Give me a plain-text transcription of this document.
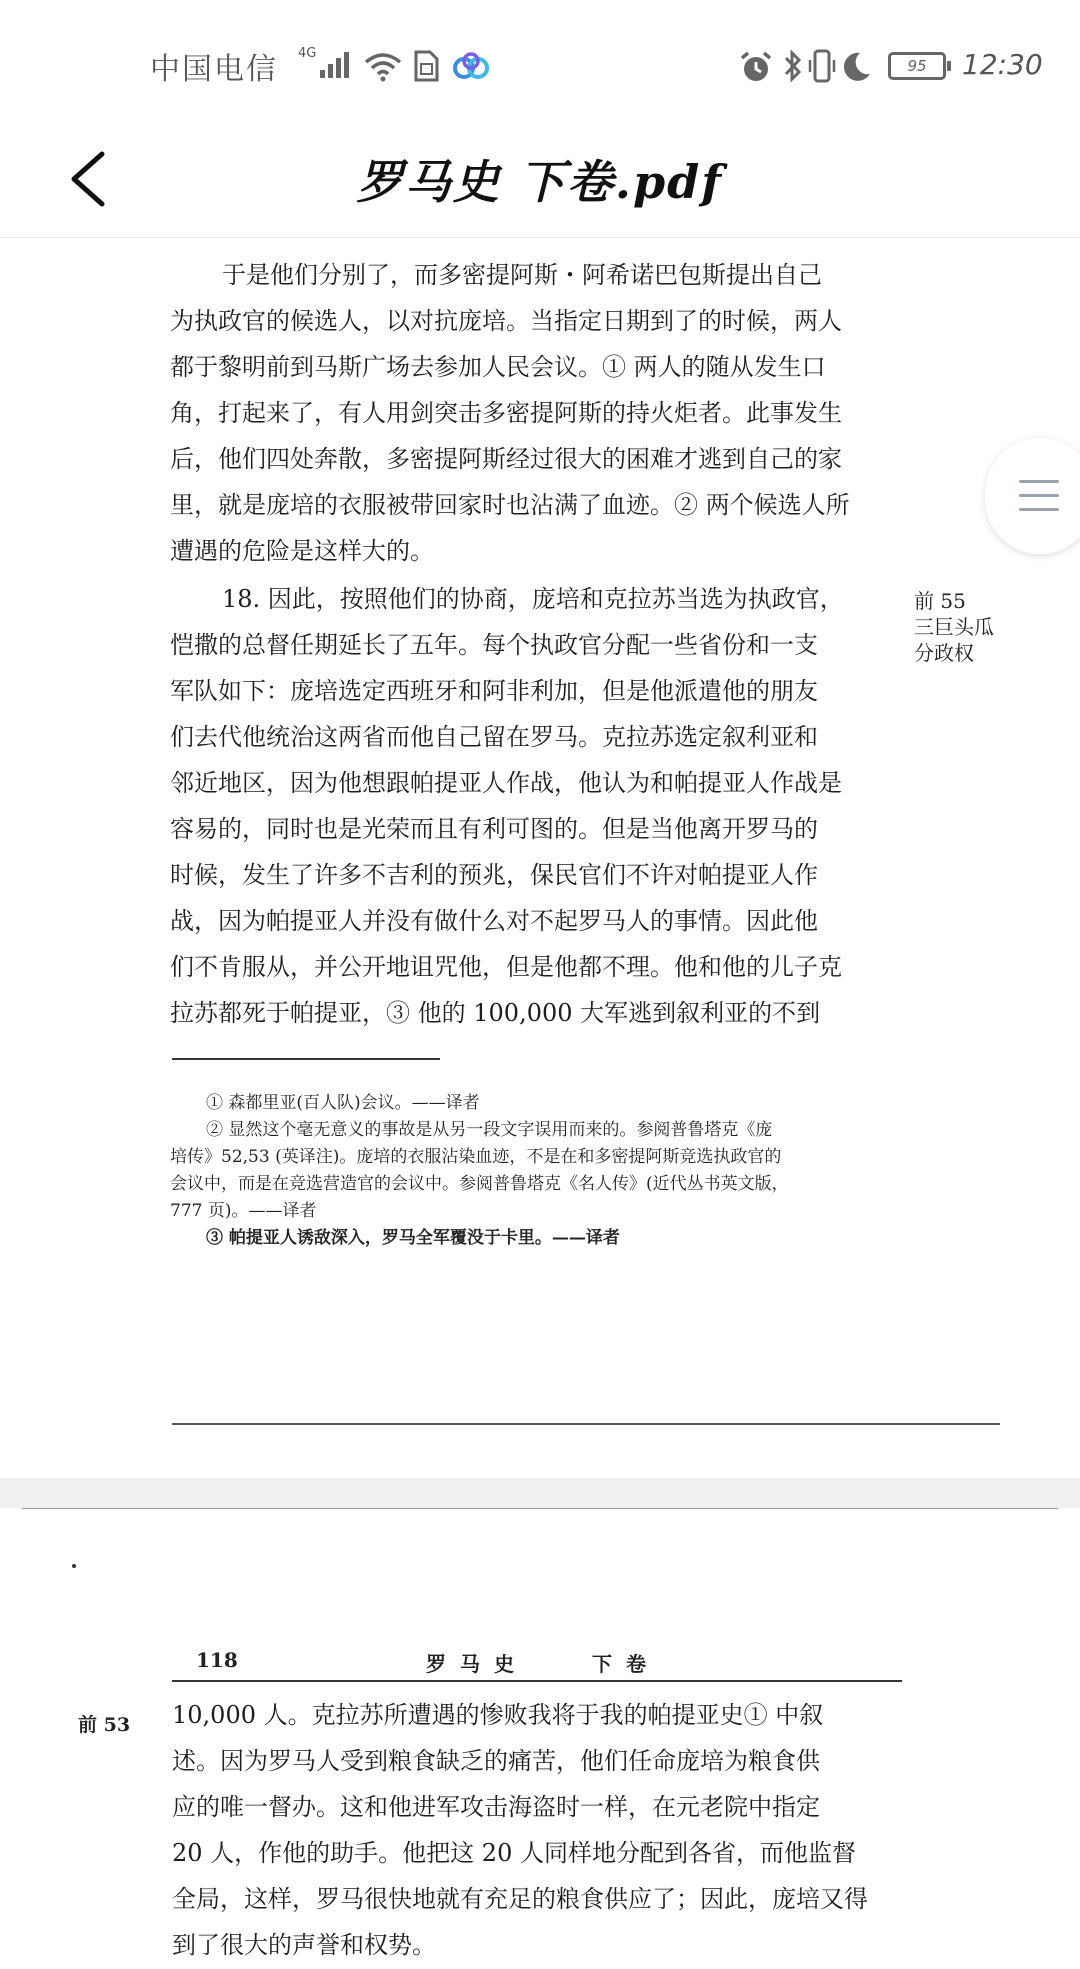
中国电信 4G
95	12:30
罗马史 下卷.pdf
于是他们分别了，而多密提阿斯・阿希诺巴包斯提出自己
为执政官的候选人，以对抗庞培。当指定日期到了的时候，两人
都于黎明前到马斯广场去参加人民会议。① 两人的随从发生口
角，打起来了，有人用剑突击多密提阿斯的持火炬者。此事发生
后，他们四处奔散，多密提阿斯经过很大的困难才逃到自己的家
里，就是庞培的衣服被带回家时也沾满了血迹。② 两个候选人所
遭遇的危险是这样大的。
18. 因此，按照他们的协商，庞培和克拉苏当选为执政官，
恺撒的总督任期延长了五年。每个执政官分配一些省份和一支
军队如下：庞培选定西班牙和阿非利加，但是他派遣他的朋友
们去代他统治这两省而他自己留在罗马。克拉苏选定叙利亚和
邻近地区，因为他想跟帕提亚人作战，他认为和帕提亚人作战是
容易的，同时也是光荣而且有利可图的。但是当他离开罗马的
时候，发生了许多不吉利的预兆，保民官们不许对帕提亚人作
战，因为帕提亚人并没有做什么对不起罗马人的事情。因此他
们不肯服从，并公开地诅咒他，但是他都不理。他和他的儿子克
拉苏都死于帕提亚，③ 他的 100,000 大军逃到叙利亚的不到
前 55
三巨头瓜
分政权
① 森都里亚(百人队)会议。——译者
② 显然这个毫无意义的事故是从另一段文字误用而来的。参阅普鲁塔克《庞
培传》52,53 (英译注)。庞培的衣服沾染血迹，不是在和多密提阿斯竞选执政官的
会议中，而是在竞选营造官的会议中。参阅普鲁塔克《名人传》(近代丛书英文版，
777 页)。——译者
③ 帕提亚人诱敌深入，罗马全军覆没于卡里。——译者
118	罗马史	下卷
前 53 10,000 人。克拉苏所遭遇的惨败我将于我的帕提亚史① 中叙
述。因为罗马人受到粮食缺乏的痛苦，他们任命庞培为粮食供
应的唯一督办。这和他进军攻击海盗时一样，在元老院中指定
20 人，作他的助手。他把这 20 人同样地分配到各省，而他监督
全局，这样，罗马很快地就有充足的粮食供应了；因此，庞培又得
到了很大的声誉和权势。
